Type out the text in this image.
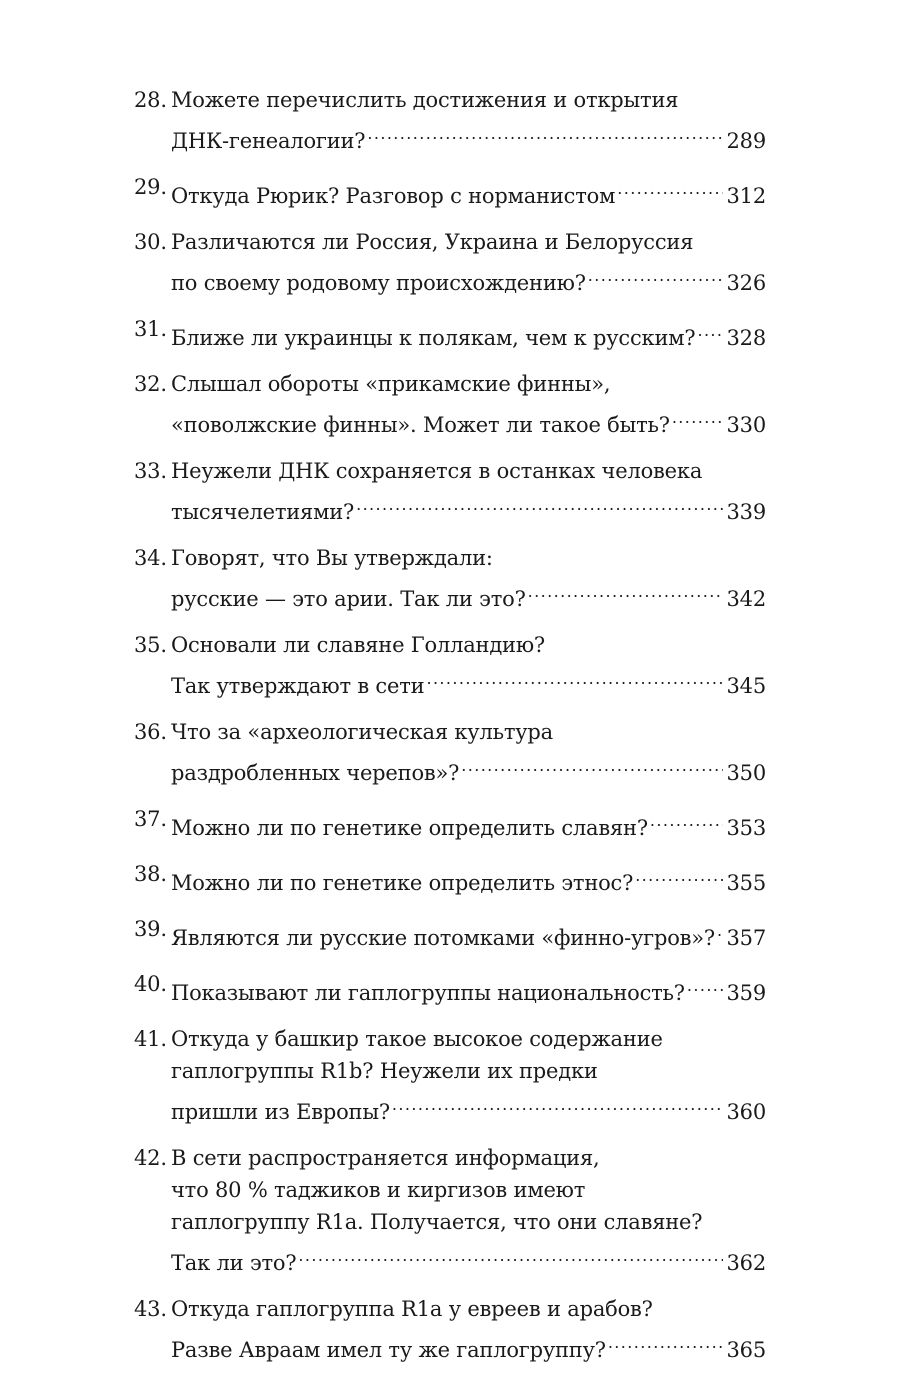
28. Можете перечислить достижения и открытия
ДНК-генеалогии? .....	289
29. Откуда Рюрик? Разговор с норманистом .....	312
30. Различаются ли Россия, Украина и Белоруссия
по своему родовому происхождению? .....	326
31. Ближе ли украинцы к полякам, чем к русским? ..... 328
32. Слышал обороты «прикамские финны»,
«поволжские финны». Может ли такое быть? .....	330
33. Неужели ДНК сохраняется в останках человека
тысячелетиями? .....	339
34. Говорят, что Вы утверждали:
русские — это арии. Так ли это? .....	342
35. Основали ли славяне Голландию?
Так утверждают в сети .....	345
36. Что за «археологическая культура
раздробленных черепов»? .....	350
37. Можно ли по генетике определить славян? .....	353
38. Можно ли по генетике определить этнос? .....	355
39. Являются ли русские потомками «финно-угров»? ..... 357
40. Показывают ли гаплогруппы национальность? ..... 359
41. Откуда у башкир такое высокое содержание
гаплогруппы R1b? Неужели их предки
пришли из Европы? .....	360
42. В сети распространяется информация,
что 80 % таджиков и киргизов имеют
гаплогруппу R1a. Получается, что они славяне?
Так ли это? .....	362
43. Откуда гаплогруппа R1a у евреев и арабов?
Разве Авраам имел ту же гаплогруппу? .....	365
